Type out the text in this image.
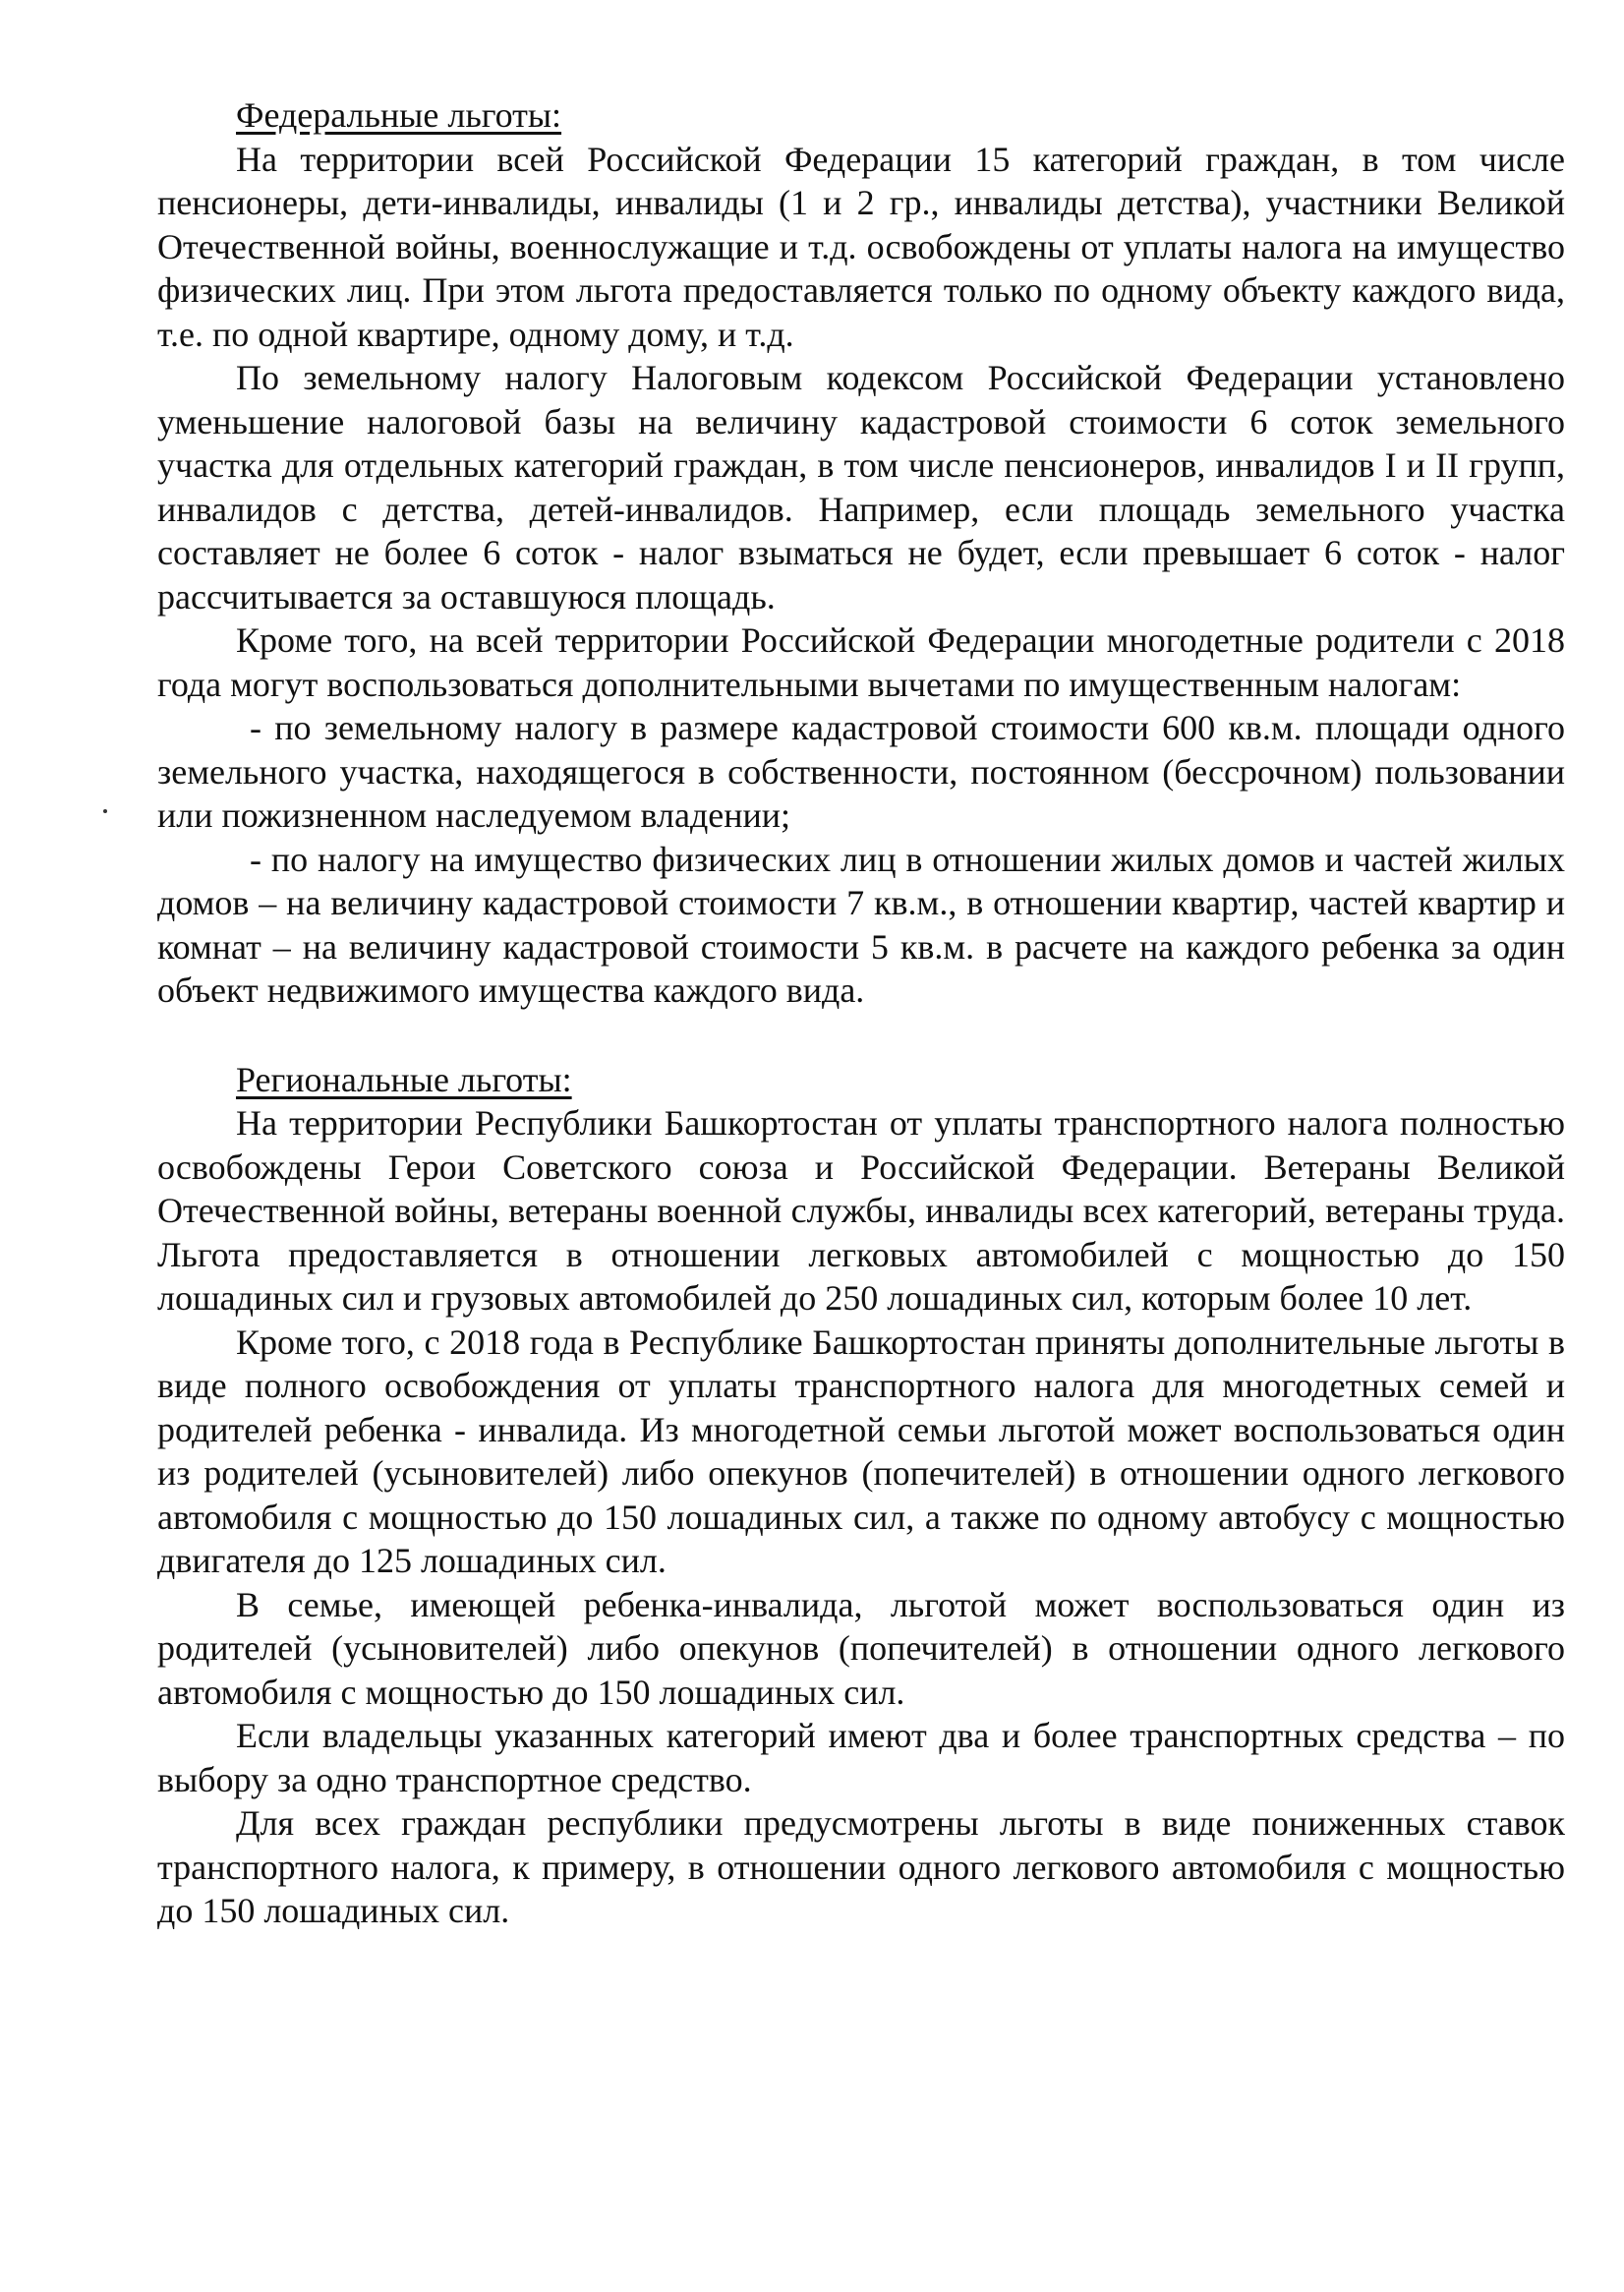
Федеральные льготы:

На территории всей Российской Федерации 15 категорий граждан, в том числе пенсионеры, дети-инвалиды, инвалиды (1 и 2 гр., инвалиды детства), участники Великой Отечественной войны, военнослужащие и т.д. освобождены от уплаты налога на имущество физических лиц. При этом льгота предоставляется только по одному объекту каждого вида, т.е. по одной квартире, одному дому, и т.д.

По земельному налогу Налоговым кодексом Российской Федерации установлено уменьшение налоговой базы на величину кадастровой стоимости 6 соток земельного участка для отдельных категорий граждан, в том числе пенсионеров, инвалидов I и II групп, инвалидов с детства, детей-инвалидов. Например, если площадь земельного участка составляет не более 6 соток - налог взыматься не будет, если превышает 6 соток - налог рассчитывается за оставшуюся площадь.

Кроме того, на всей территории Российской Федерации многодетные родители с 2018 года могут воспользоваться дополнительными вычетами по имущественным налогам:

- по земельному налогу в размере кадастровой стоимости 600 кв.м. площади одного земельного участка, находящегося в собственности, постоянном (бессрочном) пользовании или пожизненном наследуемом владении;

- по налогу на имущество физических лиц в отношении жилых домов и частей жилых домов – на величину кадастровой стоимости 7 кв.м., в отношении квартир, частей квартир и комнат – на величину кадастровой стоимости 5 кв.м. в расчете на каждого ребенка за один объект недвижимого имущества каждого вида.

Региональные льготы:

На территории Республики Башкортостан от уплаты транспортного налога полностью освобождены Герои Советского союза и Российской Федерации. Ветераны Великой Отечественной войны, ветераны военной службы, инвалиды всех категорий, ветераны труда. Льгота предоставляется в отношении легковых автомобилей с мощностью до 150 лошадиных сил и грузовых автомобилей до 250 лошадиных сил, которым более 10 лет.

Кроме того, с 2018 года в Республике Башкортостан приняты дополнительные льготы в виде полного освобождения от уплаты транспортного налога для многодетных семей и родителей ребенка - инвалида. Из многодетной семьи льготой может воспользоваться один из родителей (усыновителей) либо опекунов (попечителей) в отношении одного легкового автомобиля с мощностью до 150 лошадиных сил, а также по одному автобусу с мощностью двигателя до 125 лошадиных сил.

В семье, имеющей ребенка-инвалида, льготой может воспользоваться один из родителей (усыновителей) либо опекунов (попечителей) в отношении одного легкового автомобиля с мощностью до 150 лошадиных сил.

Если владельцы указанных категорий имеют два и более транспортных средства – по выбору за одно транспортное средство.

Для всех граждан республики предусмотрены льготы в виде пониженных ставок транспортного налога, к примеру, в отношении одного легкового автомобиля с мощностью до 150 лошадиных сил.
